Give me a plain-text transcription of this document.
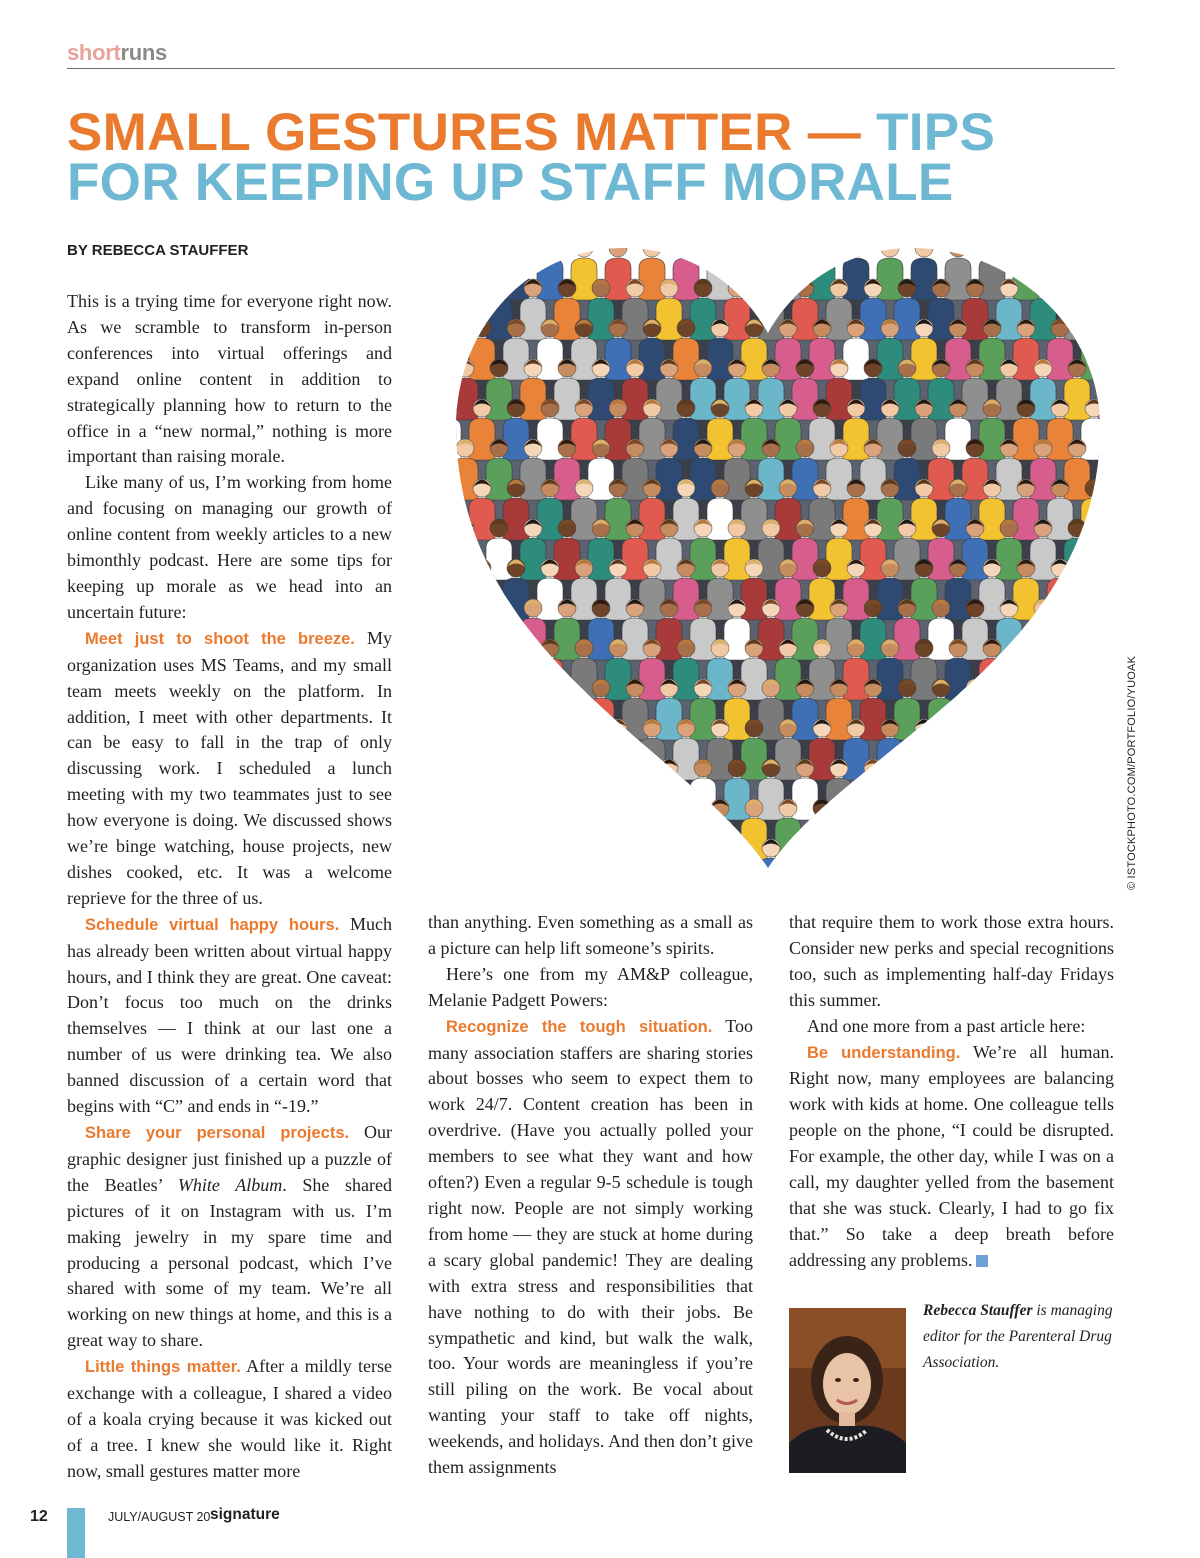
shortruns
SMALL GESTURES MATTER — TIPS
FOR KEEPING UP STAFF MORALE
BY REBECCA STAUFFER
© ISTOCKPHOTO.COM/PORTFOLIO/YUOAK

This is a trying time for everyone right now. As we scramble to transform in-person conferences into virtual offerings and expand online content in addition to strategically planning how to return to the office in a “new normal,” nothing is more important than raising morale.

Like many of us, I’m working from home and focusing on managing our growth of online content from weekly articles to a new bimonthly podcast. Here are some tips for keeping up morale as we head into an uncertain future:

Meet just to shoot the breeze. My organization uses MS Teams, and my small team meets weekly on the platform. In addition, I meet with other departments. It can be easy to fall in the trap of only discussing work. I scheduled a lunch meeting with my two teammates just to see how everyone is doing. We discussed shows we’re binge watching, house projects, new dishes cooked, etc. It was a welcome reprieve for the three of us.

Schedule virtual happy hours. Much has already been written about virtual happy hours, and I think they are great. One caveat: Don’t focus too much on the drinks themselves — I think at our last one a number of us were drinking tea. We also banned discussion of a certain word that begins with “C” and ends in “-19.”

Share your personal projects. Our graphic designer just finished up a puzzle of the Beatles’ White Album. She shared pictures of it on Instagram with us. I’m making jewelry in my spare time and producing a personal podcast, which I’ve shared with some of my team. We’re all working on new things at home, and this is a great way to share.

Little things matter. After a mildly terse exchange with a colleague, I shared a video of a koala crying because it was kicked out of a tree. I knew she would like it. Right now, small gestures matter more

than anything. Even something as a small as a picture can help lift someone’s spirits.

Here’s one from my AM&P colleague, Melanie Padgett Powers:

Recognize the tough situation. Too many association staffers are sharing stories about bosses who seem to expect them to work 24/7. Content creation has been in overdrive. (Have you actually polled your members to see what they want and how often?) Even a regular 9-5 schedule is tough right now. People are not simply working from home — they are stuck at home during a scary global pandemic! They are dealing with extra stress and responsibilities that have nothing to do with their jobs. Be sympathetic and kind, but walk the walk, too. Your words are meaningless if you’re still piling on the work. Be vocal about wanting your staff to take off nights, weekends, and holidays. And then don’t give them assignments

that require them to work those extra hours. Consider new perks and special recognitions too, such as implementing half-day Fridays this summer.

And one more from a past article here:

Be understanding. We’re all human. Right now, many employees are balancing work with kids at home. One colleague tells people on the phone, “I could be disrupted. For example, the other day, while I was on a call, my daughter yelled from the basement that she was stuck. Clearly, I had to go fix that.” So take a deep breath before addressing any problems.

Rebecca Stauffer is managing editor for the Parenteral Drug Association.
12	JULY/AUGUST 20 signature
